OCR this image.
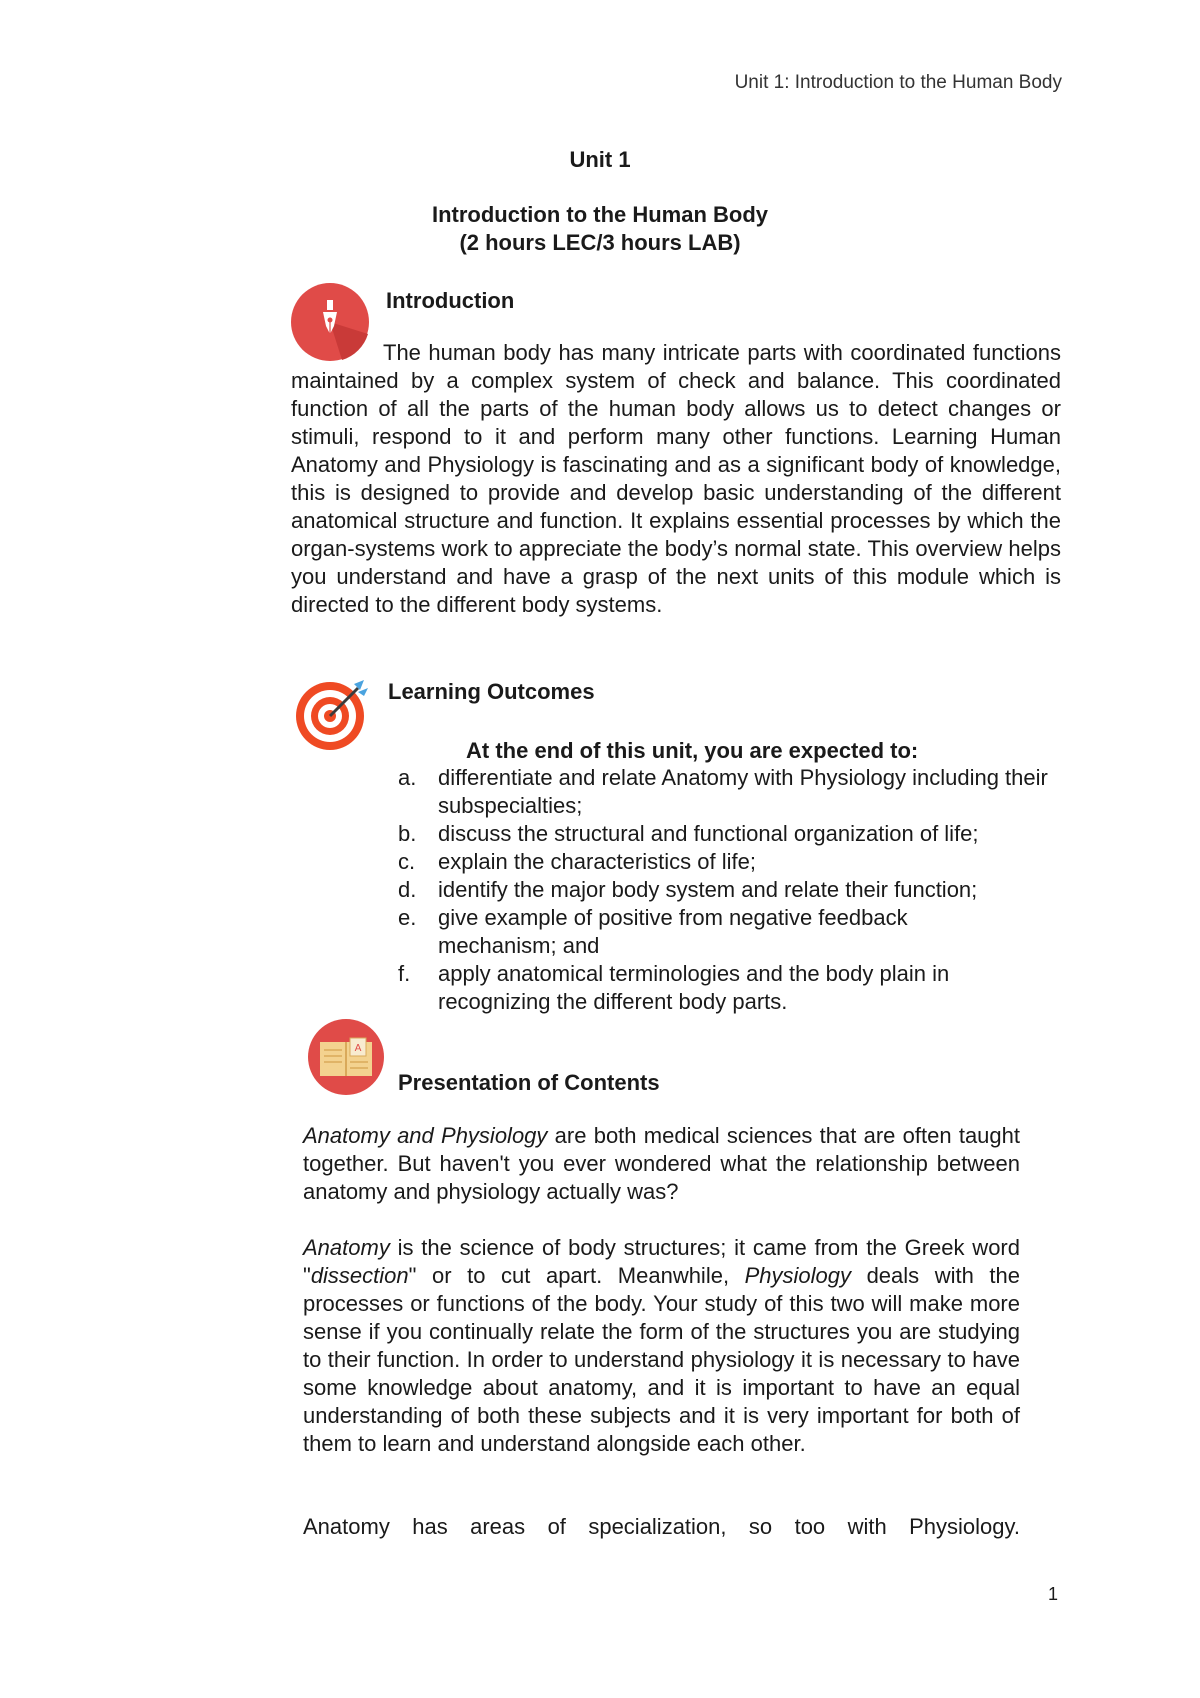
Unit 1: Introduction to the Human Body
Unit 1
Introduction to the Human Body
(2 hours LEC/3 hours LAB)
Introduction

The human body has many intricate parts with coordinated functions maintained by a complex system of check and balance. This coordinated function of all the parts of the human body allows us to detect changes or stimuli, respond to it and perform many other functions. Learning Human Anatomy and Physiology is fascinating and as a significant body of knowledge, this is designed to provide and develop basic understanding of the different anatomical structure and function. It explains essential processes by which the organ-systems work to appreciate the body’s normal state. This overview helps you understand and have a grasp of the next units of this module which is directed to the different body systems.

Learning Outcomes
At the end of this unit, you are expected to:
a. differentiate and relate Anatomy with Physiology including their subspecialties;
b. discuss the structural and functional organization of life;
c. explain the characteristics of life;
d. identify the major body system and relate their function;
e. give example of positive from negative feedback mechanism; and
f. apply anatomical terminologies and the body plain in recognizing the different body parts.
A
Presentation of Contents

Anatomy and Physiology are both medical sciences that are often taught together. But haven't you ever wondered what the relationship between anatomy and physiology actually was?

Anatomy is the science of body structures; it came from the Greek word "dissection" or to cut apart. Meanwhile, Physiology deals with the processes or functions of the body. Your study of this two will make more sense if you continually relate the form of the structures you are studying to their function. In order to understand physiology it is necessary to have some knowledge about anatomy, and it is important to have an equal understanding of both these subjects and it is very important for both of them to learn and understand alongside each other.

Anatomy has areas of specialization, so too with Physiology.

1
